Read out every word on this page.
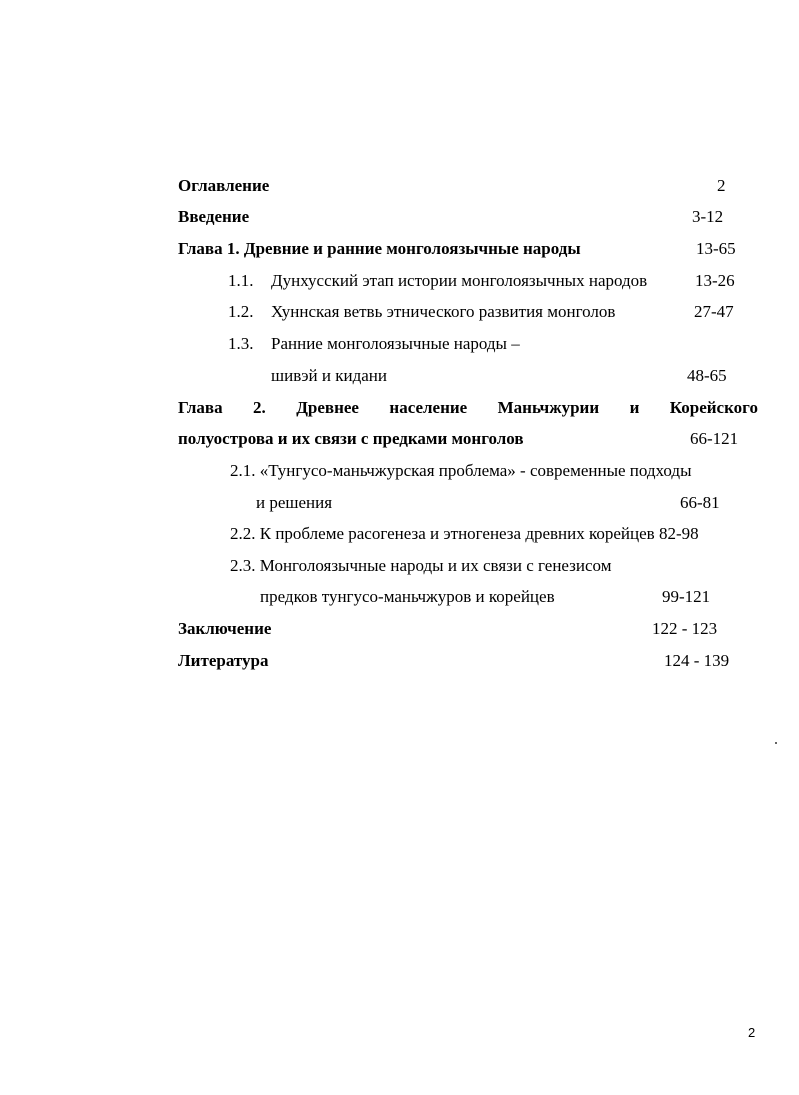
Оглавление	2
Введение	3-12
Глава 1. Древние и ранние монголоязычные народы	13-65
1.1. Дунхусский этап истории монголоязычных народов	13-26
1.2. Хуннская ветвь этнического развития монголов	27-47
1.3. Ранние монголоязычные народы –
шивэй и кидани	48-65
Глава 2. Древнее население Маньчжурии и Корейского
полуострова и их связи с предками монголов	66-121
2.1. «Тунгусо-маньчжурская проблема» - современные подходы
и решения	66-81
2.2. К проблеме расогенеза и этногенеза древних корейцев 82-98
2.3. Монголоязычные народы и их связи с генезисом
предков тунгусо-маньчжуров и корейцев	99-121
Заключение	122 - 123
Литература	124 - 139
2
